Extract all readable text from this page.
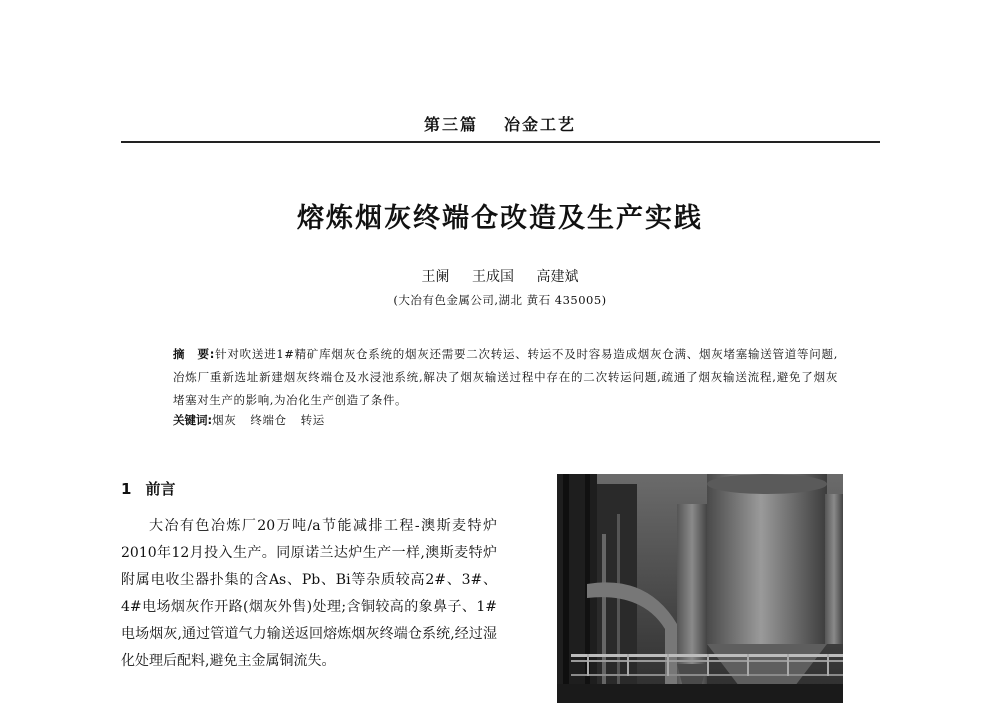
第三篇 冶金工艺
熔炼烟灰终端仓改造及生产实践
王阑 王成国 高建斌
(大冶有色金属公司,湖北 黄石 435005)
摘　要:针对吹送进1#精矿库烟灰仓系统的烟灰还需要二次转运、转运不及时容易造成烟灰仓满、烟灰堵塞输送管道等问题,冶炼厂重新选址新建烟灰终端仓及水浸池系统,解决了烟灰输送过程中存在的二次转运问题,疏通了烟灰输送流程,避免了烟灰堵塞对生产的影响,为冶化生产创造了条件。
关键词:烟灰 终端仓 转运
1 前言
大冶有色冶炼厂20万吨/a节能减排工程-澳斯麦特炉2010年12月投入生产。同原诺兰达炉生产一样,澳斯麦特炉附属电收尘器扑集的含As、Pb、Bi等杂质较高2#、3#、4#电场烟灰作开路(烟灰外售)处理;含铜较高的象鼻子、1#电场烟灰,通过管道气力输送返回熔炼烟灰终端仓系统,经过湿化处理后配料,避免主金属铜流失。
